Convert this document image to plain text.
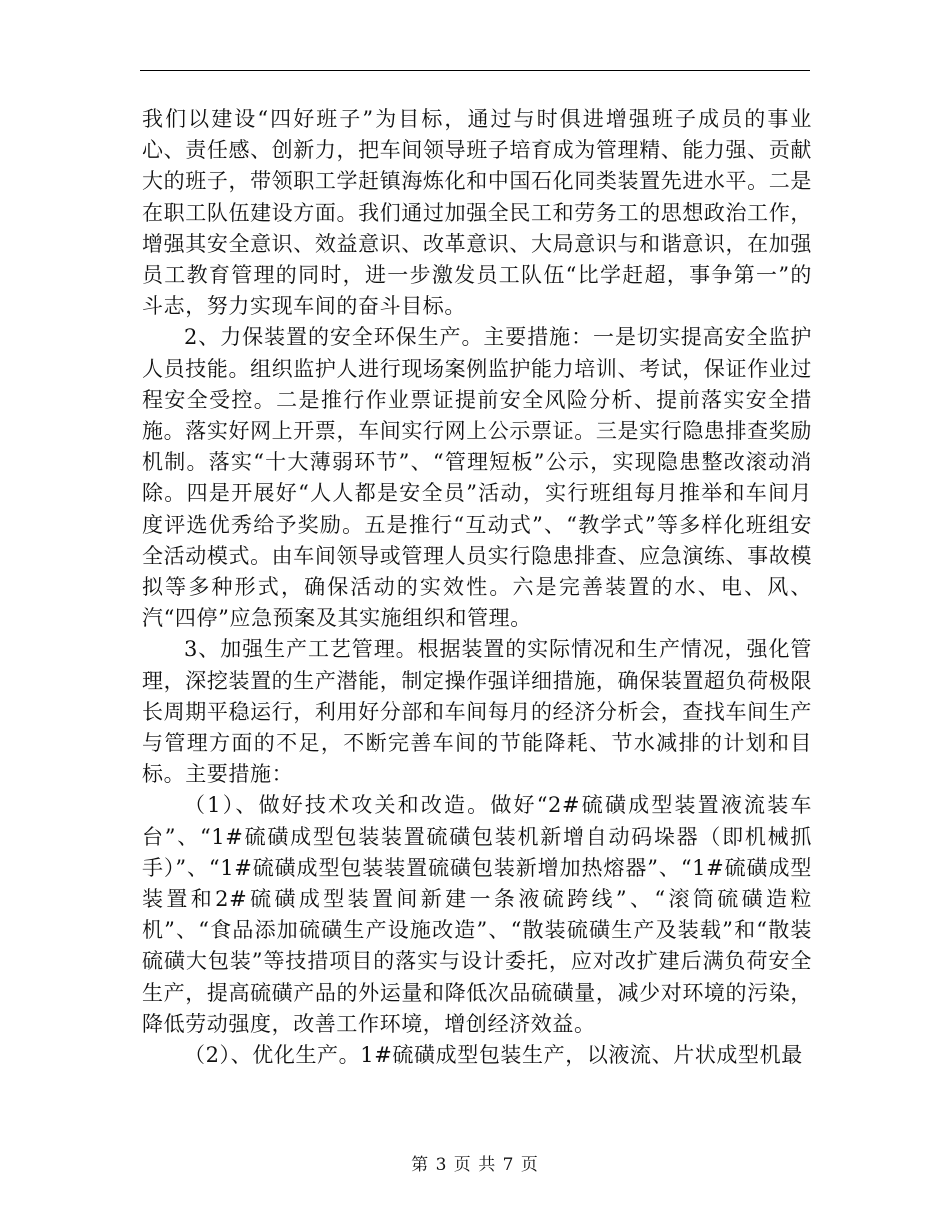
我们以建设“四好班子”为目标，通过与时俱进增强班子成员的事业心、责任感、创新力，把车间领导班子培育成为管理精、能力强、贡献大的班子，带领职工学赶镇海炼化和中国石化同类装置先进水平。二是在职工队伍建设方面。我们通过加强全民工和劳务工的思想政治工作，增强其安全意识、效益意识、改革意识、大局意识与和谐意识，在加强员工教育管理的同时，进一步激发员工队伍“比学赶超，事争第一”的斗志，努力实现车间的奋斗目标。

2、力保装置的安全环保生产。主要措施：一是切实提高安全监护人员技能。组织监护人进行现场案例监护能力培训、考试，保证作业过程安全受控。二是推行作业票证提前安全风险分析、提前落实安全措施。落实好网上开票，车间实行网上公示票证。三是实行隐患排查奖励机制。落实“十大薄弱环节”、“管理短板”公示，实现隐患整改滚动消除。四是开展好“人人都是安全员”活动，实行班组每月推举和车间月度评选优秀给予奖励。五是推行“互动式”、“教学式”等多样化班组安全活动模式。由车间领导或管理人员实行隐患排查、应急演练、事故模拟等多种形式，确保活动的实效性。六是完善装置的水、电、风、汽“四停”应急预案及其实施组织和管理。

3、加强生产工艺管理。根据装置的实际情况和生产情况，强化管理，深挖装置的生产潜能，制定操作强详细措施，确保装置超负荷极限长周期平稳运行，利用好分部和车间每月的经济分析会，查找车间生产与管理方面的不足，不断完善车间的节能降耗、节水减排的计划和目标。主要措施：

（1）、做好技术攻关和改造。做好“2#硫磺成型装置液流装车台”、“1#硫磺成型包装装置硫磺包装机新增自动码垛器（即机械抓手）”、“1#硫磺成型包装装置硫磺包装新增加热熔器”、“1#硫磺成型装置和2#硫磺成型装置间新建一条液硫跨线”、“滚筒硫磺造粒机”、“食品添加硫磺生产设施改造”、“散装硫磺生产及装载”和“散装硫磺大包装”等技措项目的落实与设计委托，应对改扩建后满负荷安全生产，提高硫磺产品的外运量和降低次品硫磺量，减少对环境的污染，降低劳动强度，改善工作环境，增创经济效益。

（2）、优化生产。1#硫磺成型包装生产，以液流、片状成型机最

第 3 页 共 7 页
